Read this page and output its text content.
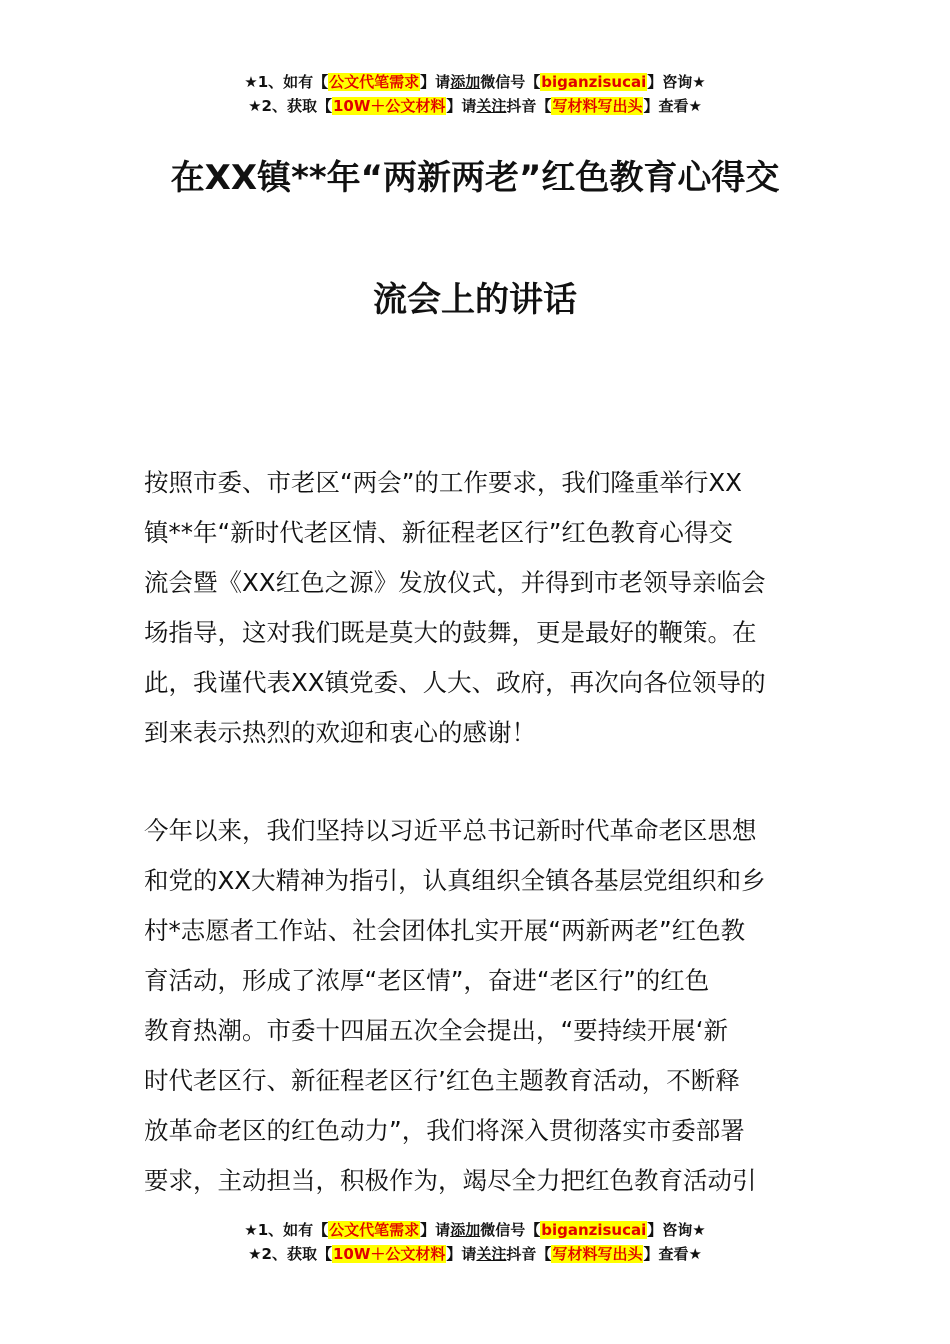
★1、如有【公文代笔需求】请添加微信号【biganzisucai】咨询★
★2、获取【10W＋公文材料】请关注抖音【写材料写出头】查看★
在XX镇**年“两新两老”红色教育心得交
流会上的讲话

按照市委、市老区“两会”的工作要求，我们隆重举行XX
镇**年“新时代老区情、新征程老区行”红色教育心得交
流会暨《XX红色之源》发放仪式，并得到市老领导亲临会
场指导，这对我们既是莫大的鼓舞，更是最好的鞭策。在
此，我谨代表XX镇党委、人大、政府，再次向各位领导的
到来表示热烈的欢迎和衷心的感谢！

今年以来，我们坚持以习近平总书记新时代革命老区思想
和党的XX大精神为指引，认真组织全镇各基层党组织和乡
村*志愿者工作站、社会团体扎实开展“两新两老”红色教
育活动，形成了浓厚“老区情”，奋进“老区行”的红色
教育热潮。市委十四届五次全会提出，“要持续开展‘新
时代老区行、新征程老区行’红色主题教育活动，不断释
放革命老区的红色动力”，我们将深入贯彻落实市委部署
要求，主动担当，积极作为，竭尽全力把红色教育活动引

★1、如有【公文代笔需求】请添加微信号【biganzisucai】咨询★
★2、获取【10W＋公文材料】请关注抖音【写材料写出头】查看★
